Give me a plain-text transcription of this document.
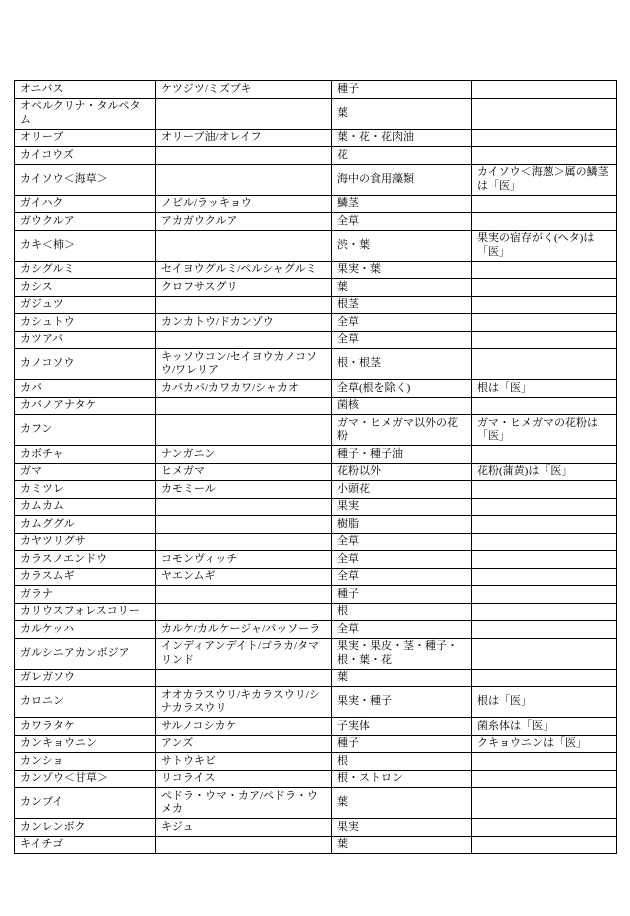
オニバス	ケツジツ/ミズブキ	種子	
オペルクリナ・タルペタム		葉	
オリーブ	オリーブ油/オレイフ	葉・花・花肉油	
カイコウズ		花	
カイソウ＜海草＞		海中の食用藻類	カイソウ＜海葱＞属の鱗茎は「医」
ガイハク	ノビル/ラッキョウ	鱗茎	
ガウクルア	アカガウクルア	全草	
カキ＜柿＞		渋・葉	果実の宿存がく(ヘタ)は「医」
カシグルミ	セイヨウグルミ/ペルシャグルミ	果実・葉	
カシス	クロフサスグリ	葉	
ガジュツ		根茎	
カシュトウ	カンカトウ/ドカンゾウ	全草	
カツアバ		全草	
カノコソウ	キッソウコン/セイヨウカノコソウ/ワレリア	根・根茎	
カバ	カバカバ/カワカワ/シャカオ	全草(根を除く)	根は「医」
カバノアナタケ		菌核	
カフン		ガマ・ヒメガマ以外の花粉	ガマ・ヒメガマの花粉は「医」
カボチャ	ナンガニン	種子・種子油	
ガマ	ヒメガマ	花粉以外	花粉(蒲黄)は「医」
カミツレ	カモミール	小頭花	
カムカム		果実	
カムググル		樹脂	
カヤツリグサ		全草	
カラスノエンドウ	コモンヴィッチ	全草	
カラスムギ	ヤエンムギ	全草	
ガラナ		種子	
カリウスフォレスコリー		根	
カルケッハ	カルケ/カルケージャ/パッソーラ	全草	
ガルシニアカンボジア	インディアンデイト/ゴラカ/タマリンド	果実・果皮・茎・種子・根・葉・花	
ガレガソウ		葉	
カロニン	オオカラスウリ/キカラスウリ/シナカラスウリ	果実・種子	根は「医」
カワラタケ	サルノコシカケ	子実体	菌糸体は「医」
カンキョウニン	アンズ	種子	クキョウニンは「医」
カンショ	サトウキビ	根	
カンゾウ＜甘草＞	リコライス	根・ストロン	
カンブイ	ペドラ・ウマ・カア/ペドラ・ウメカ	葉	
カンレンボク	キジュ	果実	
キイチゴ		葉	
